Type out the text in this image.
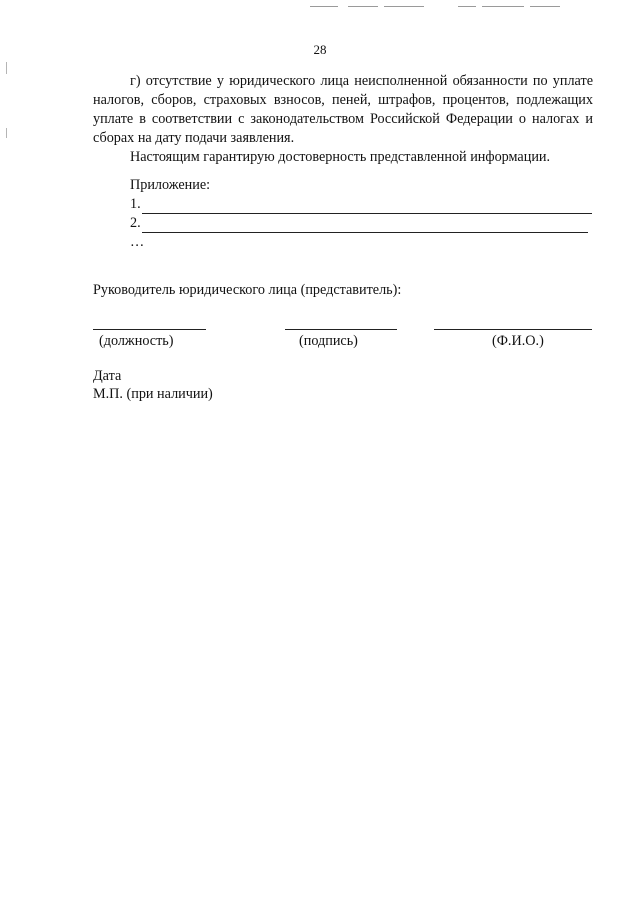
28

г) отсутствие у юридического лица неисполненной обязанности по уплате налогов, сборов, страховых взносов, пеней, штрафов, процентов, подлежащих уплате в соответствии с законодательством Российской Федерации о налогах и сборах на дату подачи заявления.

Настоящим гарантирую достоверность представленной информации.

Приложение:
1.
2.
…
Руководитель юридического лица (представитель):
(должность)	(подпись)	(Ф.И.О.)
Дата
М.П. (при наличии)
